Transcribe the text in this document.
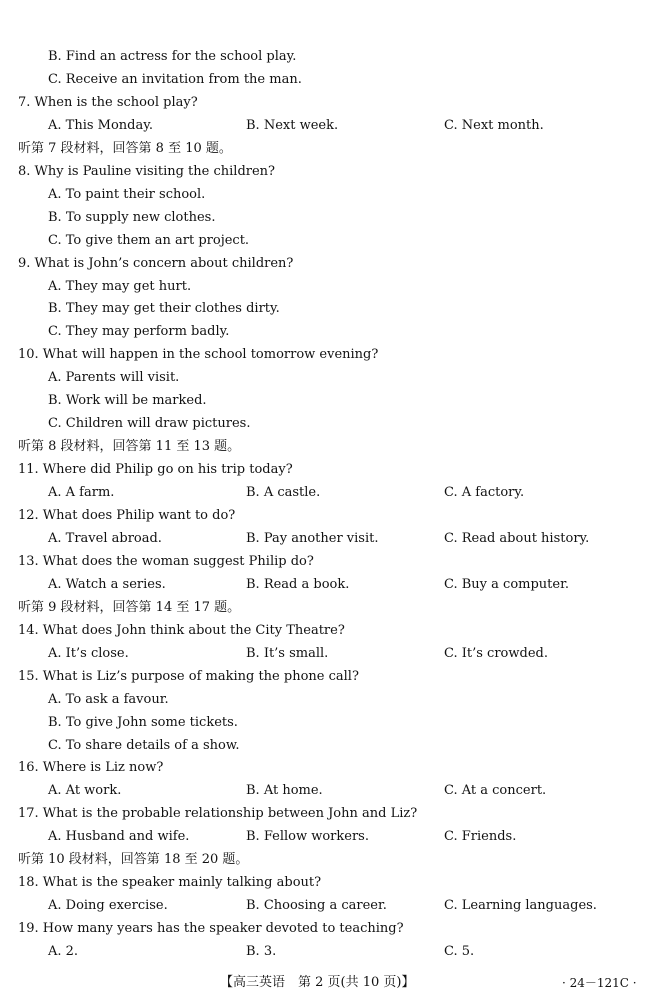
B. Find an actress for the school play.
C. Receive an invitation from the man.
7. When is the school play?
A. This Monday.	B. Next week.	C. Next month.
听第 7 段材料，回答第 8 至 10 题。
8. Why is Pauline visiting the children?
A. To paint their school.
B. To supply new clothes.
C. To give them an art project.
9. What is John’s concern about children?
A. They may get hurt.
B. They may get their clothes dirty.
C. They may perform badly.
10. What will happen in the school tomorrow evening?
A. Parents will visit.
B. Work will be marked.
C. Children will draw pictures.
听第 8 段材料，回答第 11 至 13 题。
11. Where did Philip go on his trip today?
A. A farm.	B. A castle.	C. A factory.
12. What does Philip want to do?
A. Travel abroad.	B. Pay another visit.	C. Read about history.
13. What does the woman suggest Philip do?
A. Watch a series.	B. Read a book.	C. Buy a computer.
听第 9 段材料，回答第 14 至 17 题。
14. What does John think about the City Theatre?
A. It’s close.	B. It’s small.	C. It’s crowded.
15. What is Liz’s purpose of making the phone call?
A. To ask a favour.
B. To give John some tickets.
C. To share details of a show.
16. Where is Liz now?
A. At work.	B. At home.	C. At a concert.
17. What is the probable relationship between John and Liz?
A. Husband and wife.	B. Fellow workers.	C. Friends.
听第 10 段材料，回答第 18 至 20 题。
18. What is the speaker mainly talking about?
A. Doing exercise.	B. Choosing a career.	C. Learning languages.
19. How many years has the speaker devoted to teaching?
A. 2.	B. 3.	C. 5.
【高三英语　第 2 页(共 10 页)】	· 24－121C ·
